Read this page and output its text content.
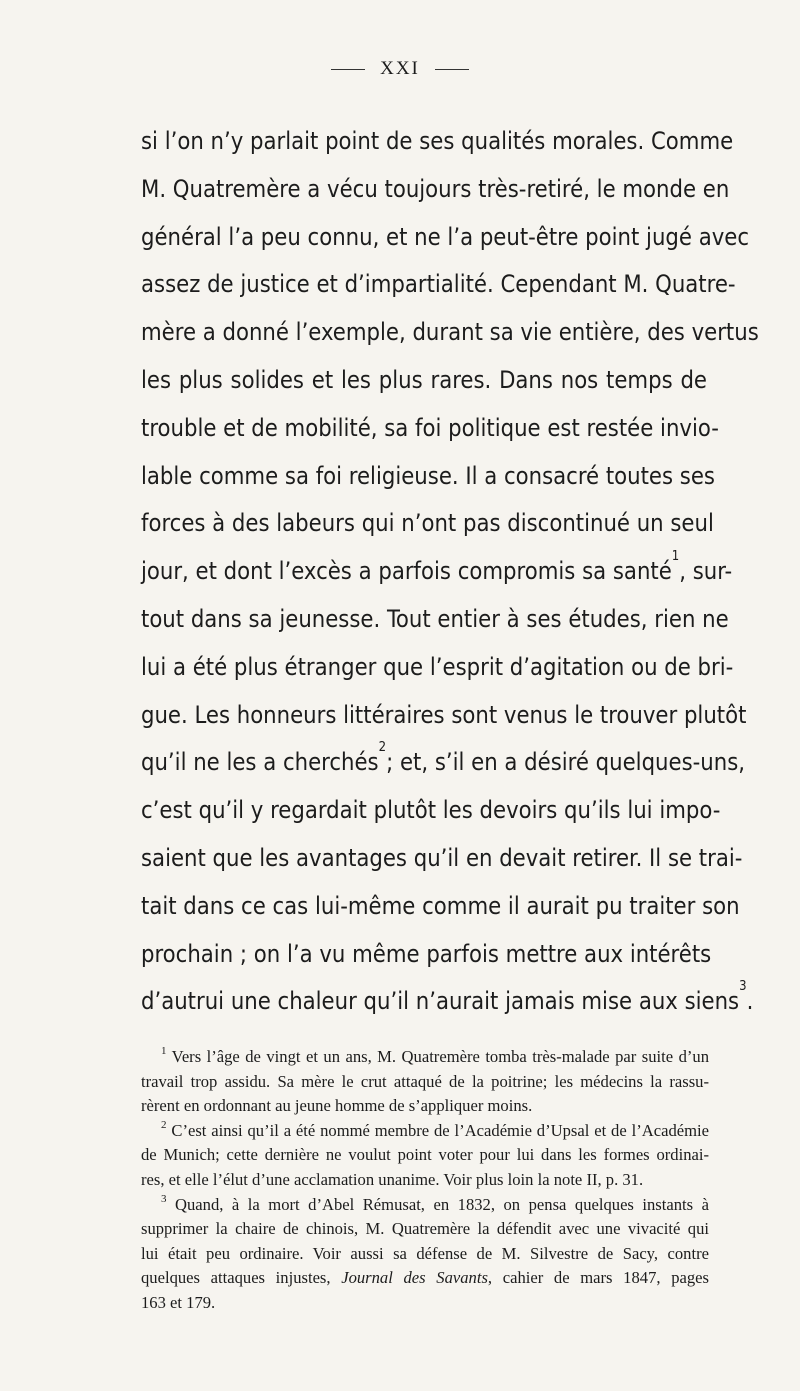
XXI
si l’on n’y parlait point de ses qualités morales. Comme
M. Quatremère a vécu toujours très-retiré, le monde en
général l’a peu connu, et ne l’a peut-être point jugé avec
assez de justice et d’impartialité. Cependant M. Quatre-
mère a donné l’exemple, durant sa vie entière, des vertus
les plus solides et les plus rares. Dans nos temps de
trouble et de mobilité, sa foi politique est restée invio-
lable comme sa foi religieuse. Il a consacré toutes ses
forces à des labeurs qui n’ont pas discontinué un seul
jour, et dont l’excès a parfois compromis sa santé$^1$, sur-
tout dans sa jeunesse. Tout entier à ses études, rien ne
lui a été plus étranger que l’esprit d’agitation ou de bri-
gue. Les honneurs littéraires sont venus le trouver plutôt
qu’il ne les a cherchés$^2$; et, s’il en a désiré quelques-uns,
c’est qu’il y regardait plutôt les devoirs qu’ils lui impo-
saient que les avantages qu’il en devait retirer. Il se trai-
tait dans ce cas lui-même comme il aurait pu traiter son
prochain ; on l’a vu même parfois mettre aux intérêts
d’autrui une chaleur qu’il n’aurait jamais mise aux siens$^3$.
$^1$ Vers l’âge de vingt et un ans, M. Quatremère tomba très-malade par suite d’un
travail trop assidu. Sa mère le crut attaqué de la poitrine; les médecins la rassu-
rèrent en ordonnant au jeune homme de s’appliquer moins.
$^2$ C’est ainsi qu’il a été nommé membre de l’Académie d’Upsal et de l’Académie
de Munich; cette dernière ne voulut point voter pour lui dans les formes ordinai-
res, et elle l’élut d’une acclamation unanime. Voir plus loin la note II, p. 31.
$^3$ Quand, à la mort d’Abel Rémusat, en 1832, on pensa quelques instants à
supprimer la chaire de chinois, M. Quatremère la défendit avec une vivacité qui
lui était peu ordinaire. Voir aussi sa défense de M. Silvestre de Sacy, contre
quelques attaques injustes, Journal des Savants, cahier de mars 1847, pages
163 et 179.
